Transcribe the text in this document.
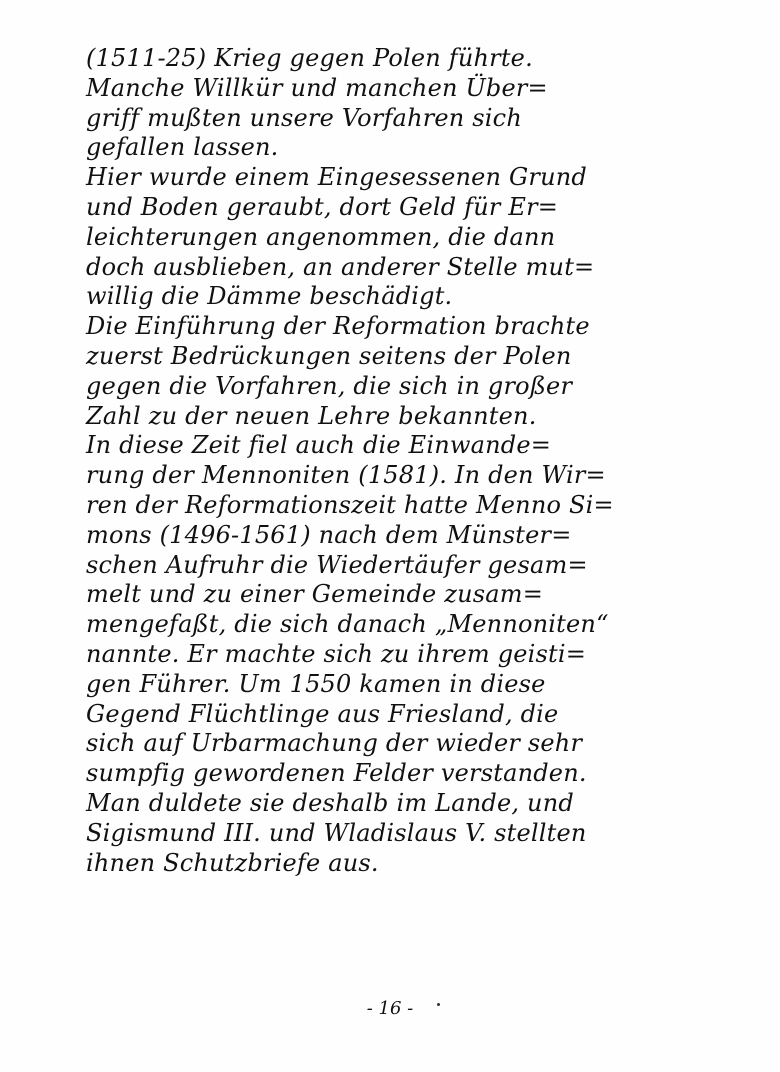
(1511-25) Krieg gegen Polen führte.
Manche Willkür und manchen Über=
griff mußten unsere Vorfahren sich
gefallen lassen.
Hier wurde einem Eingesessenen Grund
und Boden geraubt, dort Geld für Er=
leichterungen angenommen, die dann
doch ausblieben, an anderer Stelle mut=
willig die Dämme beschädigt.
Die Einführung der Reformation brachte
zuerst Bedrückungen seitens der Polen
gegen die Vorfahren, die sich in großer
Zahl zu der neuen Lehre bekannten.
In diese Zeit fiel auch die Einwande=
rung der Mennoniten (1581). In den Wir=
ren der Reformationszeit hatte Menno Si=
mons (1496-1561) nach dem Münster=
schen Aufruhr die Wiedertäufer gesam=
melt und zu einer Gemeinde zusam=
mengefaßt, die sich danach „Mennoniten“
nannte. Er machte sich zu ihrem geisti=
gen Führer. Um 1550 kamen in diese
Gegend Flüchtlinge aus Friesland, die
sich auf Urbarmachung der wieder sehr
sumpfig gewordenen Felder verstanden.
Man duldete sie deshalb im Lande, und
Sigismund III. und Wladislaus V. stellten
ihnen Schutzbriefe aus.
- 16 -
